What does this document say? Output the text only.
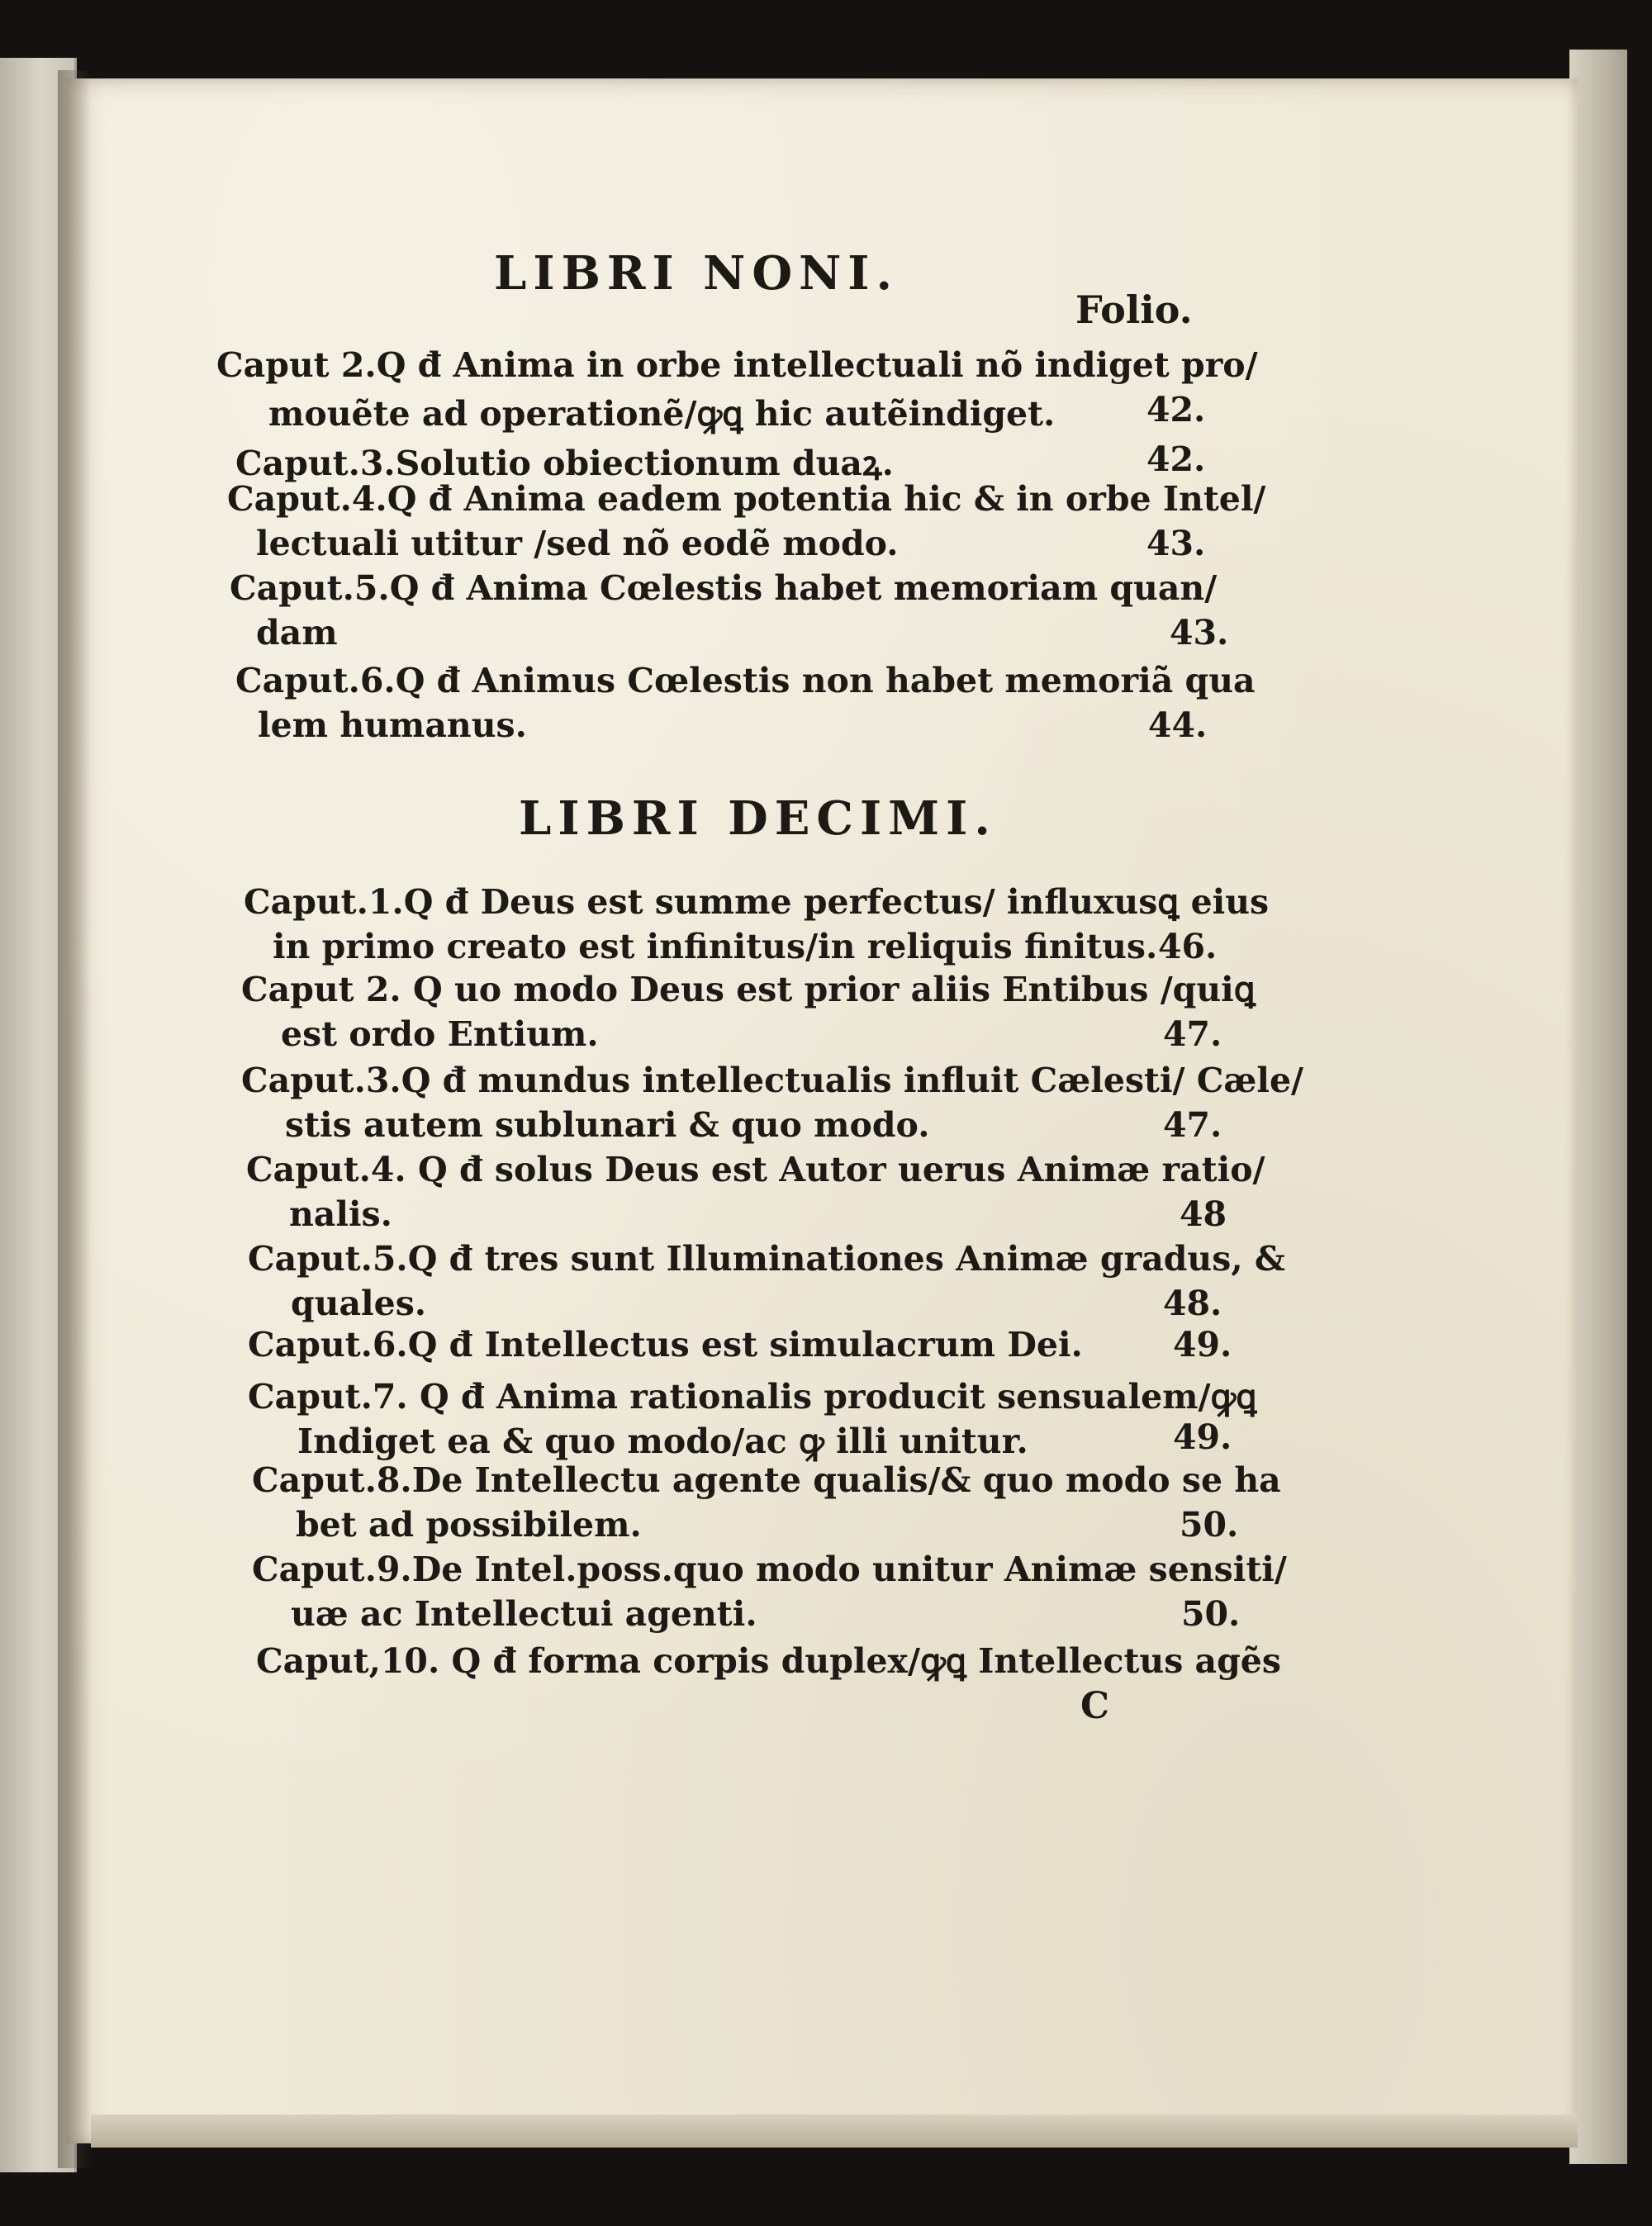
LIBRI NONI.
Folio.
Caput 2.Q đ Anima in orbe intellectuali nõ indiget pro/
mouẽte ad operationẽ/ꝙꝗ hic autẽindiget.	42.
Caput.3.Solutio obiectionum duaꝝ.	42.
Caput.4.Q đ Anima eadem potentia hic & in orbe Intel/
lectuali utitur /sed nõ eodẽ modo.	43.
Caput.5.Q đ Anima Cœlestis habet memoriam quan/
dam	43.
Caput.6.Q đ Animus Cœlestis non habet memoriã qua
lem humanus.	44.
LIBRI DECIMI.
Caput.1.Q đ Deus est summe perfectus/ influxusꝗ eius
in primo creato est infinitus/in reliquis finitus. 46.
Caput 2. Q uo modo Deus est prior aliis Entibus /quiꝗ
est ordo Entium.	47.
Caput.3.Q đ mundus intellectualis influit Cælesti/ Cæle/
stis autem sublunari & quo modo.	47.
Caput.4. Q đ solus Deus est Autor uerus Animæ ratio/
nalis.	48
Caput.5.Q đ tres sunt Illuminationes Animæ gradus, &
quales.	48.
Caput.6.Q đ Intellectus est simulacrum Dei.	49.
Caput.7. Q đ Anima rationalis producit sensualem/ꝙꝗ
Indiget ea & quo modo/ac ꝙ illi unitur.	49.
Caput.8.De Intellectu agente qualis/& quo modo se ha
bet ad possibilem.	50.
Caput.9.De Intel.poss.quo modo unitur Animæ sensiti/
uæ ac Intellectui agenti.	50.
Caput,10. Q đ forma corpis duplex/ꝙꝗ Intellectus agẽs
C
